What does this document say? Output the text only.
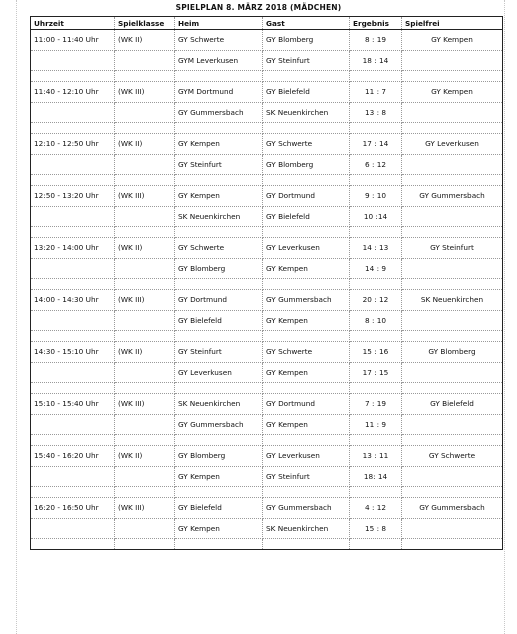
SPIELPLAN 8. MÄRZ 2018 (MÄDCHEN)
Uhrzeit	Spielklasse	Heim	Gast	Ergebnis	Spielfrei
11:00 - 11:40 Uhr	(WK II)	GY Schwerte	GY Blomberg	8 : 19	GY Kempen
		GYM Leverkusen	GY Steinfurt	18 : 14	

11:40 - 12:10 Uhr	(WK III)	GYM Dortmund	GY Bielefeld	11 : 7	GY Kempen
		GY Gummersbach	SK Neuenkirchen	13 : 8	

12:10 - 12:50 Uhr	(WK II)	GY Kempen	GY Schwerte	17 : 14	GY Leverkusen
		GY Steinfurt	GY Blomberg	6 : 12	

12:50 - 13:20 Uhr	(WK III)	GY Kempen	GY Dortmund	9 : 10	GY Gummersbach
		SK Neuenkirchen	GY Bielefeld	10 :14	

13:20 - 14:00 Uhr	(WK II)	GY Schwerte	GY Leverkusen	14 : 13	GY Steinfurt
		GY Blomberg	GY Kempen	14 : 9	

14:00 - 14:30 Uhr	(WK III)	GY Dortmund	GY Gummersbach	20 : 12	SK Neuenkirchen
		GY Bielefeld	GY Kempen	8 : 10	

14:30 - 15:10 Uhr	(WK II)	GY Steinfurt	GY Schwerte	15 : 16	GY Blomberg
		GY Leverkusen	GY Kempen	17 : 15	

15:10 - 15:40 Uhr	(WK III)	SK Neuenkirchen	GY Dortmund	7 : 19	GY Bielefeld
		GY Gummersbach	GY Kempen	11 : 9	

15:40 - 16:20 Uhr	(WK II)	GY Blomberg	GY Leverkusen	13 : 11	GY Schwerte
		GY Kempen	GY Steinfurt	18: 14	

16:20 - 16:50 Uhr	(WK III)	GY Bielefeld	GY Gummersbach	4 : 12	GY Gummersbach
		GY Kempen	SK Neuenkirchen	15 : 8	
